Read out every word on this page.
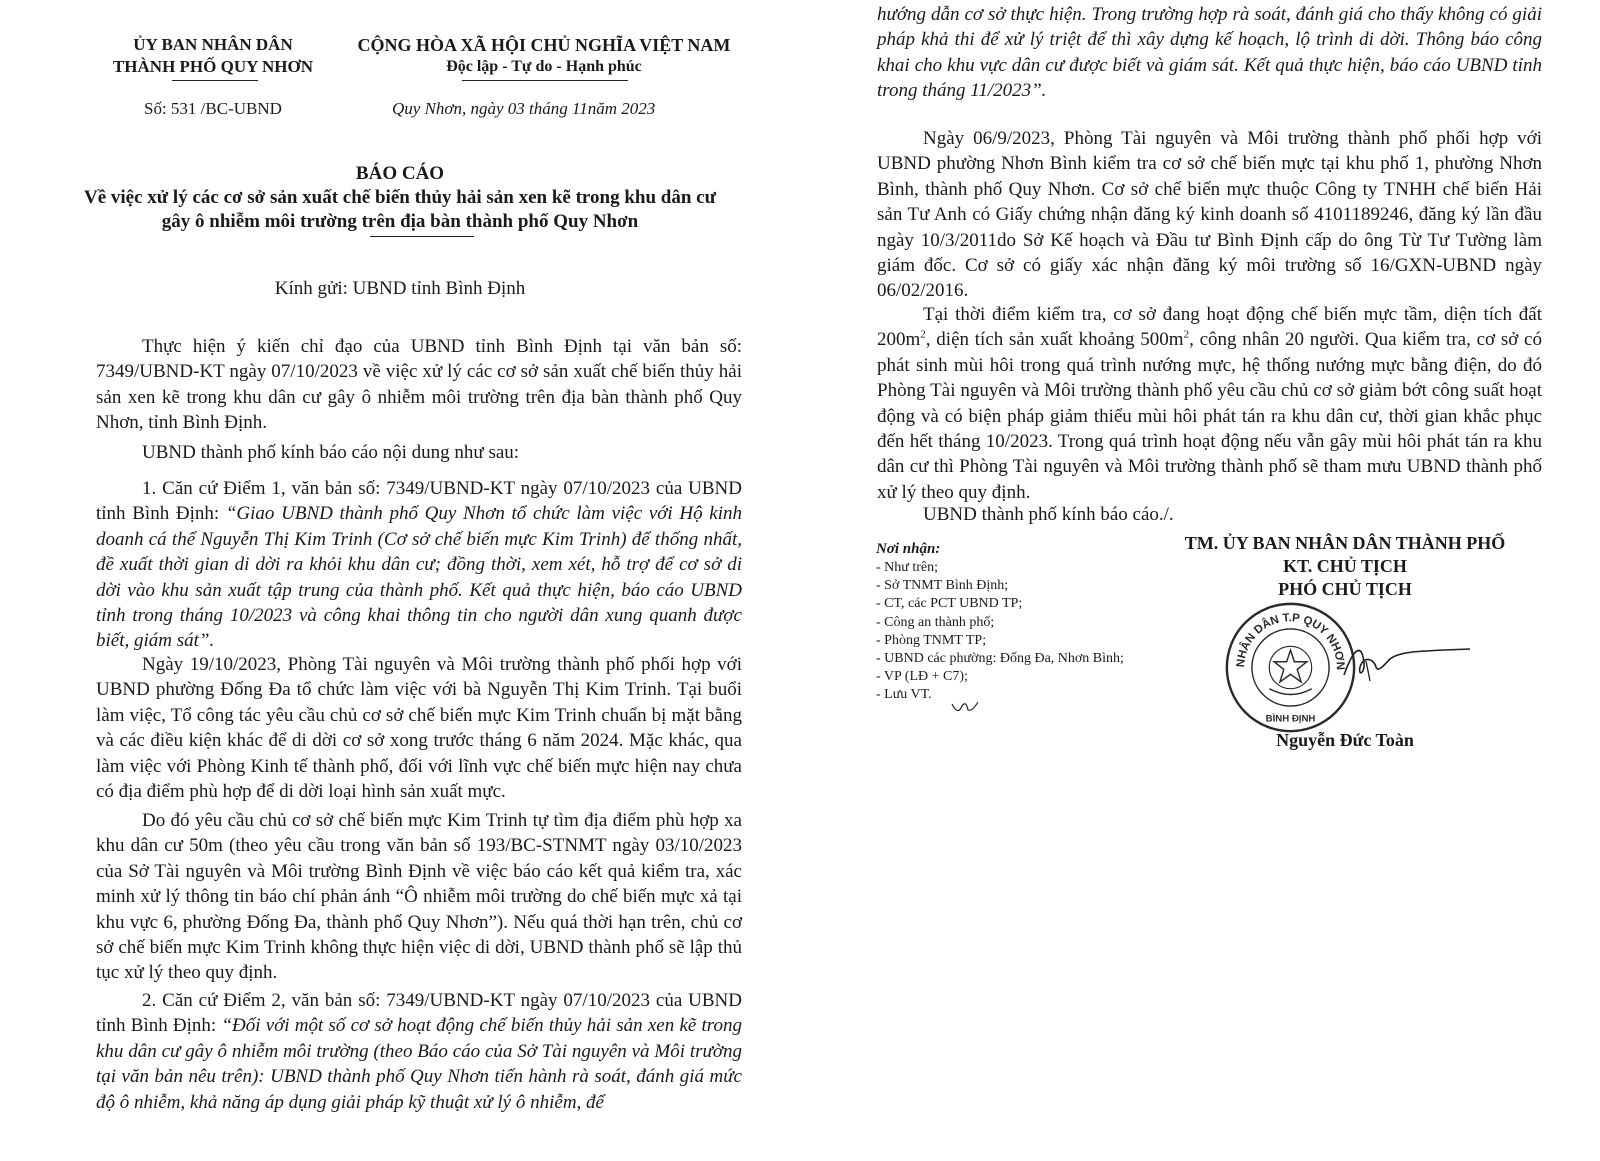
ỦY BAN NHÂN DÂN
THÀNH PHỐ QUY NHƠN
CỘNG HÒA XÃ HỘI CHỦ NGHĨA VIỆT NAM
Độc lập - Tự do - Hạnh phúc
Số: 531 /BC-UBND	Quy Nhơn, ngày 03 tháng 11năm 2023
BÁO CÁO
Về việc xử lý các cơ sở sản xuất chế biến thủy hải sản xen kẽ trong khu dân cư
gây ô nhiễm môi trường trên địa bàn thành phố Quy Nhơn
Kính gửi: UBND tỉnh Bình Định

Thực hiện ý kiến chỉ đạo của UBND tỉnh Bình Định tại văn bản số: 7349/UBND-KT ngày 07/10/2023 về việc xử lý các cơ sở sản xuất chế biến thủy hải sản xen kẽ trong khu dân cư gây ô nhiễm môi trường trên địa bàn thành phố Quy Nhơn, tỉnh Bình Định.

UBND thành phố kính báo cáo nội dung như sau:

1. Căn cứ Điểm 1, văn bản số: 7349/UBND-KT ngày 07/10/2023 của UBND tỉnh Bình Định: “Giao UBND thành phố Quy Nhơn tổ chức làm việc với Hộ kinh doanh cá thể Nguyễn Thị Kim Trinh (Cơ sở chế biến mực Kim Trinh) để thống nhất, đề xuất thời gian di dời ra khỏi khu dân cư; đồng thời, xem xét, hỗ trợ để cơ sở di dời vào khu sản xuất tập trung của thành phố. Kết quả thực hiện, báo cáo UBND tỉnh trong tháng 10/2023 và công khai thông tin cho người dân xung quanh được biết, giám sát”.

Ngày 19/10/2023, Phòng Tài nguyên và Môi trường thành phố phối hợp với UBND phường Đống Đa tổ chức làm việc với bà Nguyễn Thị Kim Trinh. Tại buổi làm việc, Tổ công tác yêu cầu chủ cơ sở chế biến mực Kim Trinh chuẩn bị mặt bằng và các điều kiện khác để di dời cơ sở xong trước tháng 6 năm 2024. Mặc khác, qua làm việc với Phòng Kinh tế thành phố, đối với lĩnh vực chế biến mực hiện nay chưa có địa điểm phù hợp để di dời loại hình sản xuất mực.

Do đó yêu cầu chủ cơ sở chế biến mực Kim Trinh tự tìm địa điểm phù hợp xa khu dân cư 50m (theo yêu cầu trong văn bản số 193/BC-STNMT ngày 03/10/2023 của Sở Tài nguyên và Môi trường Bình Định về việc báo cáo kết quả kiểm tra, xác minh xử lý thông tin báo chí phản ánh “Ô nhiễm môi trường do chế biến mực xả tại khu vực 6, phường Đống Đa, thành phố Quy Nhơn”). Nếu quá thời hạn trên, chủ cơ sở chế biến mực Kim Trinh không thực hiện việc di dời, UBND thành phố sẽ lập thủ tục xử lý theo quy định.

2. Căn cứ Điểm 2, văn bản số: 7349/UBND-KT ngày 07/10/2023 của UBND tỉnh Bình Định: “Đối với một số cơ sở hoạt động chế biến thủy hải sản xen kẽ trong khu dân cư gây ô nhiễm môi trường (theo Báo cáo của Sở Tài nguyên và Môi trường tại văn bản nêu trên): UBND thành phố Quy Nhơn tiến hành rà soát, đánh giá mức độ ô nhiễm, khả năng áp dụng giải pháp kỹ thuật xử lý ô nhiễm, để

hướng dẫn cơ sở thực hiện. Trong trường hợp rà soát, đánh giá cho thấy không có giải pháp khả thi để xử lý triệt để thì xây dựng kế hoạch, lộ trình di dời. Thông báo công khai cho khu vực dân cư được biết và giám sát. Kết quả thực hiện, báo cáo UBND tỉnh trong tháng 11/2023”.

Ngày 06/9/2023, Phòng Tài nguyên và Môi trường thành phố phối hợp với UBND phường Nhơn Bình kiểm tra cơ sở chế biến mực tại khu phố 1, phường Nhơn Bình, thành phố Quy Nhơn. Cơ sở chế biến mực thuộc Công ty TNHH chế biến Hải sản Tư Anh có Giấy chứng nhận đăng ký kinh doanh số 4101189246, đăng ký lần đầu ngày 10/3/2011do Sở Kế hoạch và Đầu tư Bình Định cấp do ông Từ Tư Tường làm giám đốc. Cơ sở có giấy xác nhận đăng ký môi trường số 16/GXN-UBND ngày 06/02/2016.

Tại thời điểm kiểm tra, cơ sở đang hoạt động chế biến mực tầm, diện tích đất $200m^2$, diện tích sản xuất khoảng $500m^2$, công nhân 20 người. Qua kiểm tra, cơ sở có phát sinh mùi hôi trong quá trình nướng mực, hệ thống nướng mực bằng điện, do đó Phòng Tài nguyên và Môi trường thành phố yêu cầu chủ cơ sở giảm bớt công suất hoạt động và có biện pháp giảm thiểu mùi hôi phát tán ra khu dân cư, thời gian khắc phục đến hết tháng 10/2023. Trong quá trình hoạt động nếu vẫn gây mùi hôi phát tán ra khu dân cư thì Phòng Tài nguyên và Môi trường thành phố sẽ tham mưu UBND thành phố xử lý theo quy định.

UBND thành phố kính báo cáo./.

Nơi nhận:
- Như trên;
- Sở TNMT Bình Định;
- CT, các PCT UBND TP;
- Công an thành phố;
- Phòng TNMT TP;
- UBND các phường: Đống Đa, Nhơn Bình;
- VP (LĐ + C7);
- Lưu VT.
TM. ỦY BAN NHÂN DÂN THÀNH PHỐ
KT. CHỦ TỊCH
PHÓ CHỦ TỊCH
Nguyễn Đức Toàn
NHÂN DÂN T.P QUY NHƠN
BÌNH ĐỊNH
